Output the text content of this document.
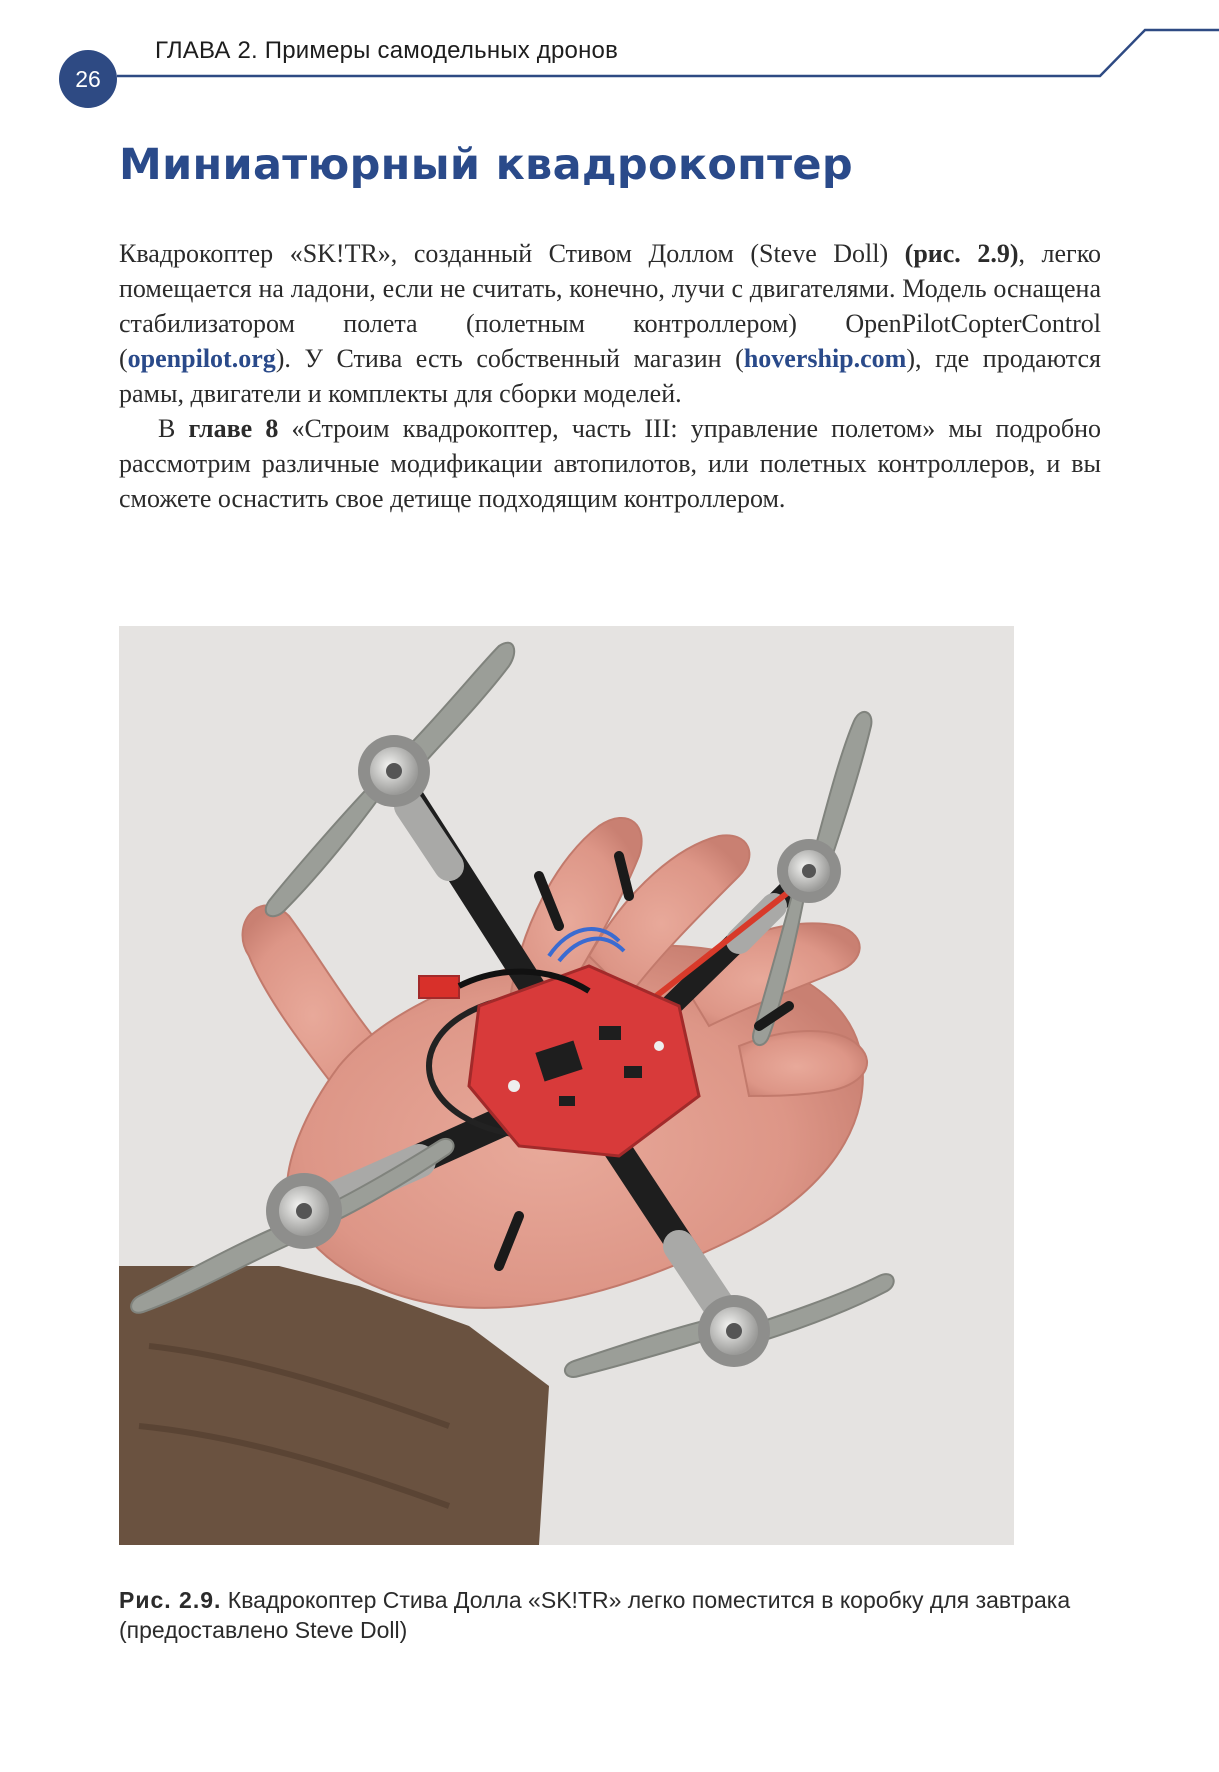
26
ГЛАВА 2. Примеры самодельных дронов
Миниатюрный квадрокоптер

Квадрокоптер «SK!TR», созданный Стивом Доллом (Steve Doll) (рис. 2.9), легко помещается на ладони, если не считать, конечно, лучи с двигателями. Модель оснащена стабилизатором полета (полетным контроллером) OpenPilotCopterControl (openpilot.org). У Стива есть собственный магазин (hovership.com), где продаются рамы, двигатели и комплекты для сборки моделей.

В главе 8 «Строим квадрокоптер, часть III: управление полетом» мы подробно рассмотрим различные модификации автопилотов, или полетных контроллеров, и вы сможете оснастить свое детище подходящим контроллером.

Рис. 2.9. Квадрокоптер Стива Долла «SK!TR» легко поместится в коробку для завтрака (предоставлено Steve Doll)
